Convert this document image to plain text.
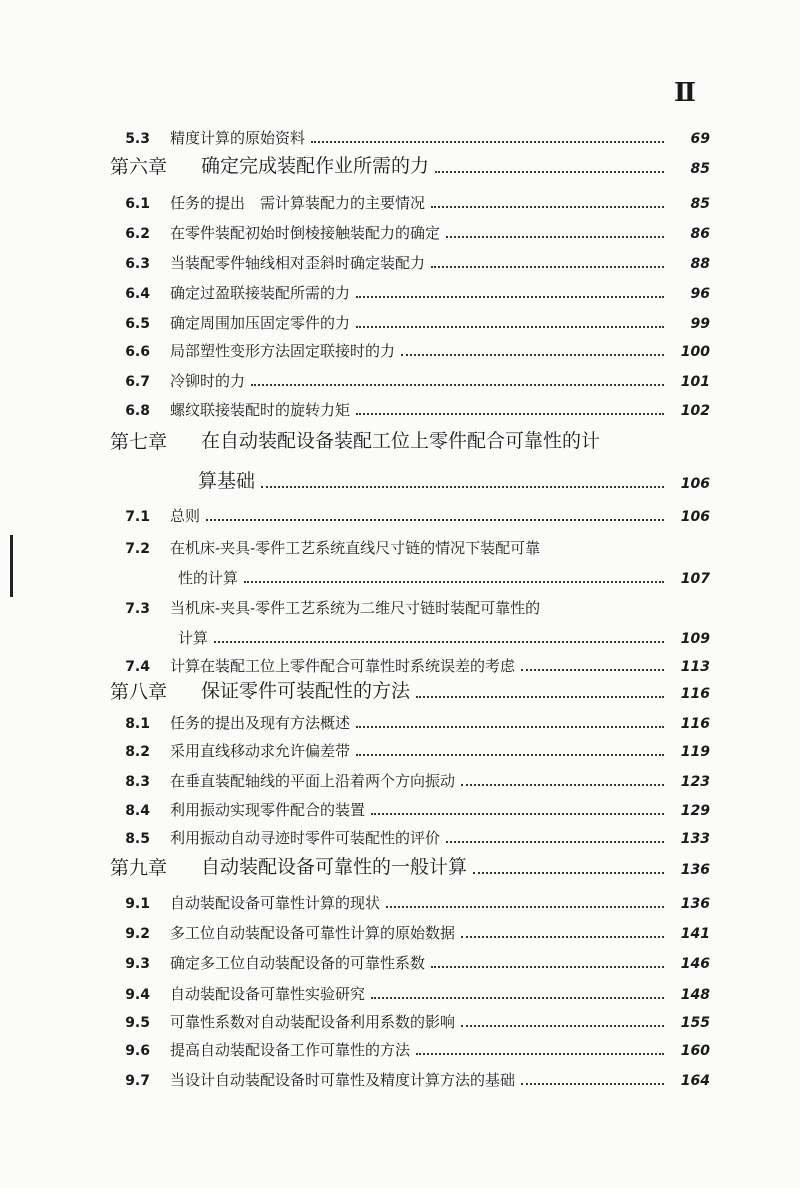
Ⅱ
5.3	精度计算的原始资料	69
第六章 确定完成装配作业所需的力	85
6.1	任务的提出　需计算装配力的主要情况	85
6.2	在零件装配初始时倒棱接触装配力的确定	86
6.3	当装配零件轴线相对歪斜时确定装配力	88
6.4	确定过盈联接装配所需的力	96
6.5	确定周围加压固定零件的力	99
6.6	局部塑性变形方法固定联接时的力	100
6.7	冷铆时的力	101
6.8	螺纹联接装配时的旋转力矩	102
第七章 在自动装配设备装配工位上零件配合可靠性的计
算基础	106
7.1	总则	106
7.2	在机床-夹具-零件工艺系统直线尺寸链的情况下装配可靠
性的计算	107
7.3	当机床-夹具-零件工艺系统为二维尺寸链时装配可靠性的
计算	109
7.4	计算在装配工位上零件配合可靠性时系统误差的考虑	113
第八章 保证零件可装配性的方法	116
8.1	任务的提出及现有方法概述	116
8.2	采用直线移动求允许偏差带	119
8.3	在垂直装配轴线的平面上沿着两个方向振动	123
8.4	利用振动实现零件配合的装置	129
8.5	利用振动自动寻迹时零件可装配性的评价	133
第九章 自动装配设备可靠性的一般计算	136
9.1	自动装配设备可靠性计算的现状	136
9.2	多工位自动装配设备可靠性计算的原始数据	141
9.3	确定多工位自动装配设备的可靠性系数	146
9.4	自动装配设备可靠性实验研究	148
9.5	可靠性系数对自动装配设备利用系数的影响	155
9.6	提高自动装配设备工作可靠性的方法	160
9.7	当设计自动装配设备时可靠性及精度计算方法的基础	164
